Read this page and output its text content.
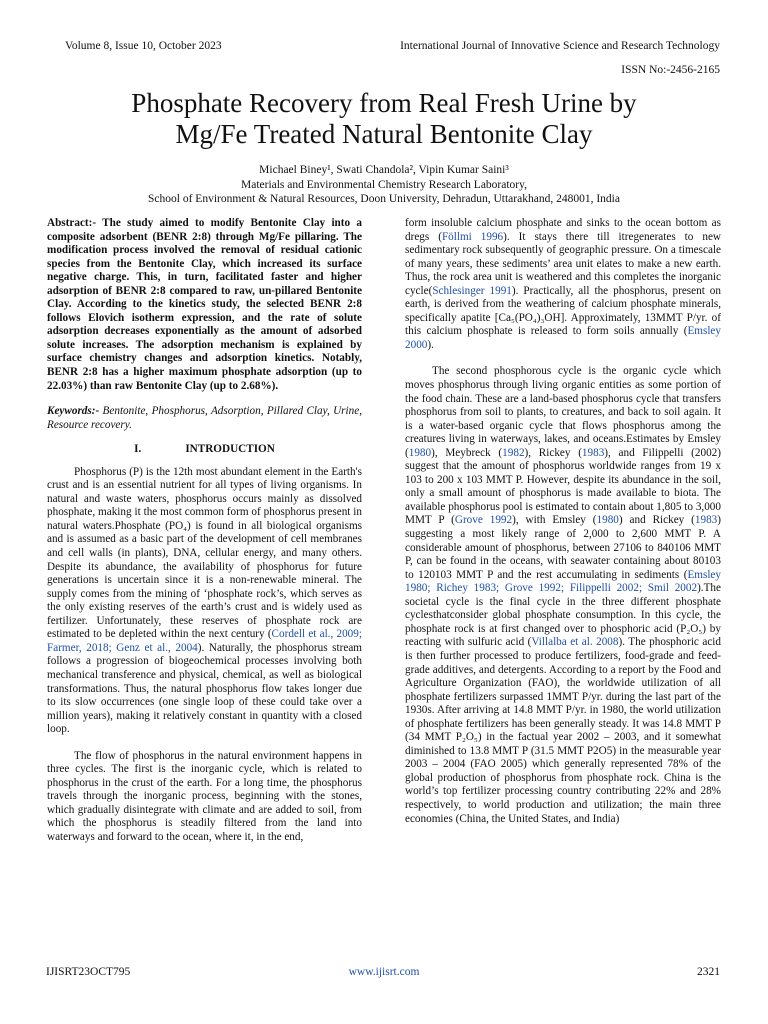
Volume 8, Issue 10, October 2023	International Journal of Innovative Science and Research Technology
ISSN No:-2456-2165
Phosphate Recovery from Real Fresh Urine by
Mg/Fe Treated Natural Bentonite Clay
Michael Biney¹, Swati Chandola², Vipin Kumar Saini³
Materials and Environmental Chemistry Research Laboratory,
School of Environment & Natural Resources, Doon University, Dehradun, Uttarakhand, 248001, India

Abstract:- The study aimed to modify Bentonite Clay into a composite adsorbent (BENR 2:8) through Mg/Fe pillaring. The modification process involved the removal of residual cationic species from the Bentonite Clay, which increased its surface negative charge. This, in turn, facilitated faster and higher adsorption of BENR 2:8 compared to raw, un-pillared Bentonite Clay. According to the kinetics study, the selected BENR 2:8 follows Elovich isotherm expression, and the rate of solute adsorption decreases exponentially as the amount of adsorbed solute increases. The adsorption mechanism is explained by surface chemistry changes and adsorption kinetics. Notably, BENR 2:8 has a higher maximum phosphate adsorption (up to 22.03%) than raw Bentonite Clay (up to 2.68%).

Keywords:- Bentonite, Phosphorus, Adsorption, Pillared Clay, Urine, Resource recovery.

I.	INTRODUCTION

Phosphorus (P) is the 12th most abundant element in the Earth's crust and is an essential nutrient for all types of living organisms. In natural and waste waters, phosphorus occurs mainly as dissolved phosphate, making it the most common form of phosphorus present in natural waters.Phosphate (PO₄) is found in all biological organisms and is assumed as a basic part of the development of cell membranes and cell walls (in plants), DNA, cellular energy, and many others. Despite its abundance, the availability of phosphorus for future generations is uncertain since it is a non-renewable mineral. The supply comes from the mining of ‘phosphate rock’s, which serves as the only existing reserves of the earth’s crust and is widely used as fertilizer. Unfortunately, these reserves of phosphate rock are estimated to be depleted within the next century (Cordell et al., 2009; Farmer, 2018; Genz et al., 2004). Naturally, the phosphorus stream follows a progression of biogeochemical processes involving both mechanical transference and physical, chemical, as well as biological transformations. Thus, the natural phosphorus flow takes longer due to its slow occurrences (one single loop of these could take over a million years), making it relatively constant in quantity with a closed loop.

The flow of phosphorus in the natural environment happens in three cycles. The first is the inorganic cycle, which is related to phosphorus in the crust of the earth. For a long time, the phosphorus travels through the inorganic process, beginning with the stones, which gradually disintegrate with climate and are added to soil, from which the phosphorus is steadily filtered from the land into waterways and forward to the ocean, where it, in the end,

form insoluble calcium phosphate and sinks to the ocean bottom as dregs (Föllmi 1996). It stays there till itregenerates to new sedimentary rock subsequently of geographic pressure. On a timescale of many years, these sediments’ area unit elates to make a new earth. Thus, the rock area unit is weathered and this completes the inorganic cycle(Schlesinger 1991). Practically, all the phosphorus, present on earth, is derived from the weathering of calcium phosphate minerals, specifically apatite [Ca₅(PO₄)₃OH]. Approximately, 13MMT P/yr. of this calcium phosphate is released to form soils annually (Emsley 2000).

The second phosphorous cycle is the organic cycle which moves phosphorus through living organic entities as some portion of the food chain. These are a land-based phosphorus cycle that transfers phosphorus from soil to plants, to creatures, and back to soil again. It is a water-based organic cycle that flows phosphorus among the creatures living in waterways, lakes, and oceans.Estimates by Emsley (1980), Meybreck (1982), Rickey (1983), and Filippelli (2002) suggest that the amount of phosphorus worldwide ranges from 19 x 103 to 200 x 103 MMT P. However, despite its abundance in the soil, only a small amount of phosphorus is made available to biota. The available phosphorus pool is estimated to contain about 1,805 to 3,000 MMT P (Grove 1992), with Emsley (1980) and Rickey (1983) suggesting a most likely range of 2,000 to 2,600 MMT P. A considerable amount of phosphorus, between 27106 to 840106 MMT P, can be found in the oceans, with seawater containing about 80103 to 120103 MMT P and the rest accumulating in sediments (Emsley 1980; Richey 1983; Grove 1992; Filippelli 2002; Smil 2002).The societal cycle is the final cycle in the three different phosphate cyclesthatconsider global phosphate consumption. In this cycle, the phosphate rock is at first changed over to phosphoric acid (P₂O₅) by reacting with sulfuric acid (Villalba et al. 2008). The phosphoric acid is then further processed to produce fertilizers, food-grade and feed-grade additives, and detergents. According to a report by the Food and Agriculture Organization (FAO), the worldwide utilization of all phosphate fertilizers surpassed 1MMT P/yr. during the last part of the 1930s. After arriving at 14.8 MMT P/yr. in 1980, the world utilization of phosphate fertilizers has been generally steady. It was 14.8 MMT P (34 MMT P₂O₅) in the factual year 2002 – 2003, and it somewhat diminished to 13.8 MMT P (31.5 MMT P2O5) in the measurable year 2003 – 2004 (FAO 2005) which generally represented 78% of the global production of phosphorus from phosphate rock. China is the world’s top fertilizer processing country contributing 22% and 28% respectively, to world production and utilization; the main three economies (China, the United States, and India)

IJISRT23OCT795	www.ijisrt.com	2321
